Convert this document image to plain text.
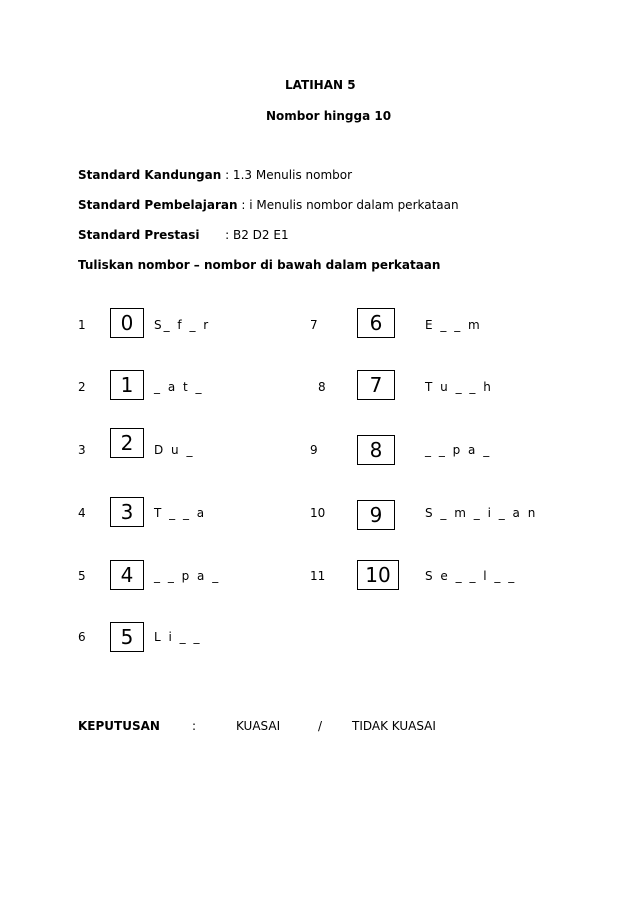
LATIHAN 5
Nombor hingga 10
Standard Kandungan : 1.3 Menulis nombor
Standard Pembelajaran : i Menulis nombor dalam perkataan
Standard Prestasi : B2 D2 E1
Tuliskan nombor – nombor di bawah dalam perkataan
1	0	S_ f _ r
2	1	_ a t _
3	2	D u _
4	3	T _ _ a
5	4	_ _ p a _
6	5	L i _ _
7	6	E _ _ m
8	7	T u _ _ h
9	8	_ _ p a _
10	9	S _ m _ i _ a n
11	10	S e _ _ l _ _
KEPUTUSAN	:	KUASAI	/ TIDAK KUASAI
